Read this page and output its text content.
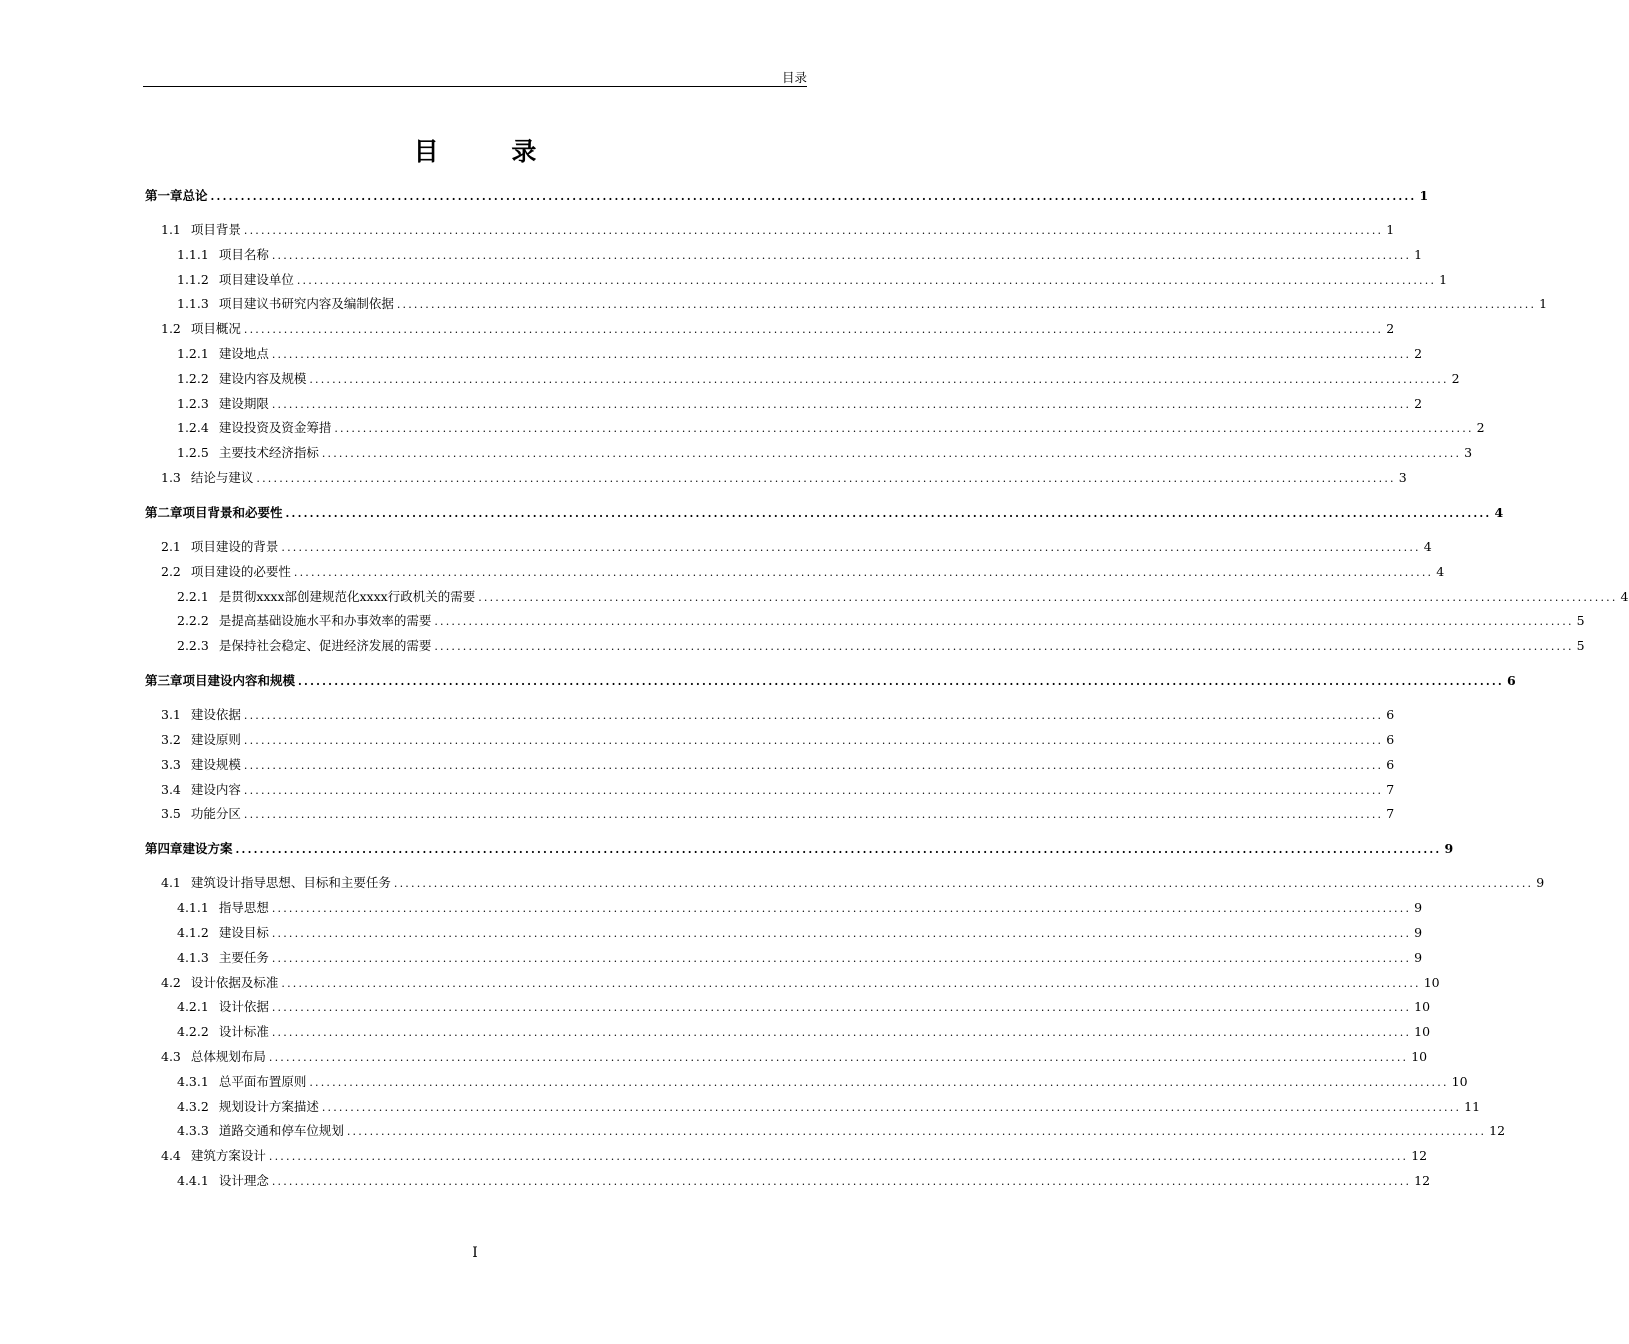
目录
目 录
第一章 总论 ........................................................................................................................................................................................................ 1
1.1 项目背景 ........................................................................................................................................................................................................ 1
1.1.1 项目名称 ........................................................................................................................................................................................................ 1
1.1.2 项目建设单位 ........................................................................................................................................................................................................ 1
1.1.3 项目建议书研究内容及编制依据 ........................................................................................................................................................................................................ 1
1.2 项目概况 ........................................................................................................................................................................................................ 2
1.2.1 建设地点 ........................................................................................................................................................................................................ 2
1.2.2 建设内容及规模 ........................................................................................................................................................................................................ 2
1.2.3 建设期限 ........................................................................................................................................................................................................ 2
1.2.4 建设投资及资金筹措 ........................................................................................................................................................................................................ 2
1.2.5 主要技术经济指标 ........................................................................................................................................................................................................ 3
1.3 结论与建议 ........................................................................................................................................................................................................ 3
第二章 项目背景和必要性 ........................................................................................................................................................................................................ 4
2.1 项目建设的背景 ........................................................................................................................................................................................................ 4
2.2 项目建设的必要性 ........................................................................................................................................................................................................ 4
2.2.1 是贯彻xxxx部创建规范化xxxx行政机关的需要 ........................................................................................................................................................................................................ 4
2.2.2 是提高基础设施水平和办事效率的需要 ........................................................................................................................................................................................................ 5
2.2.3 是保持社会稳定、促进经济发展的需要 ........................................................................................................................................................................................................ 5
第三章 项目建设内容和规模 ........................................................................................................................................................................................................ 6
3.1 建设依据 ........................................................................................................................................................................................................ 6
3.2 建设原则 ........................................................................................................................................................................................................ 6
3.3 建设规模 ........................................................................................................................................................................................................ 6
3.4 建设内容 ........................................................................................................................................................................................................ 7
3.5 功能分区 ........................................................................................................................................................................................................ 7
第四章 建设方案 ........................................................................................................................................................................................................ 9
4.1 建筑设计指导思想、目标和主要任务 ........................................................................................................................................................................................................ 9
4.1.1 指导思想 ........................................................................................................................................................................................................ 9
4.1.2 建设目标 ........................................................................................................................................................................................................ 9
4.1.3 主要任务 ........................................................................................................................................................................................................ 9
4.2 设计依据及标准 ........................................................................................................................................................................................................ 10
4.2.1 设计依据 ........................................................................................................................................................................................................ 10
4.2.2 设计标准 ........................................................................................................................................................................................................ 10
4.3 总体规划布局 ........................................................................................................................................................................................................ 10
4.3.1 总平面布置原则 ........................................................................................................................................................................................................ 10
4.3.2 规划设计方案描述 ........................................................................................................................................................................................................ 11
4.3.3 道路交通和停车位规划 ........................................................................................................................................................................................................ 12
4.4 建筑方案设计 ........................................................................................................................................................................................................ 12
4.4.1 设计理念 ........................................................................................................................................................................................................ 12
I
